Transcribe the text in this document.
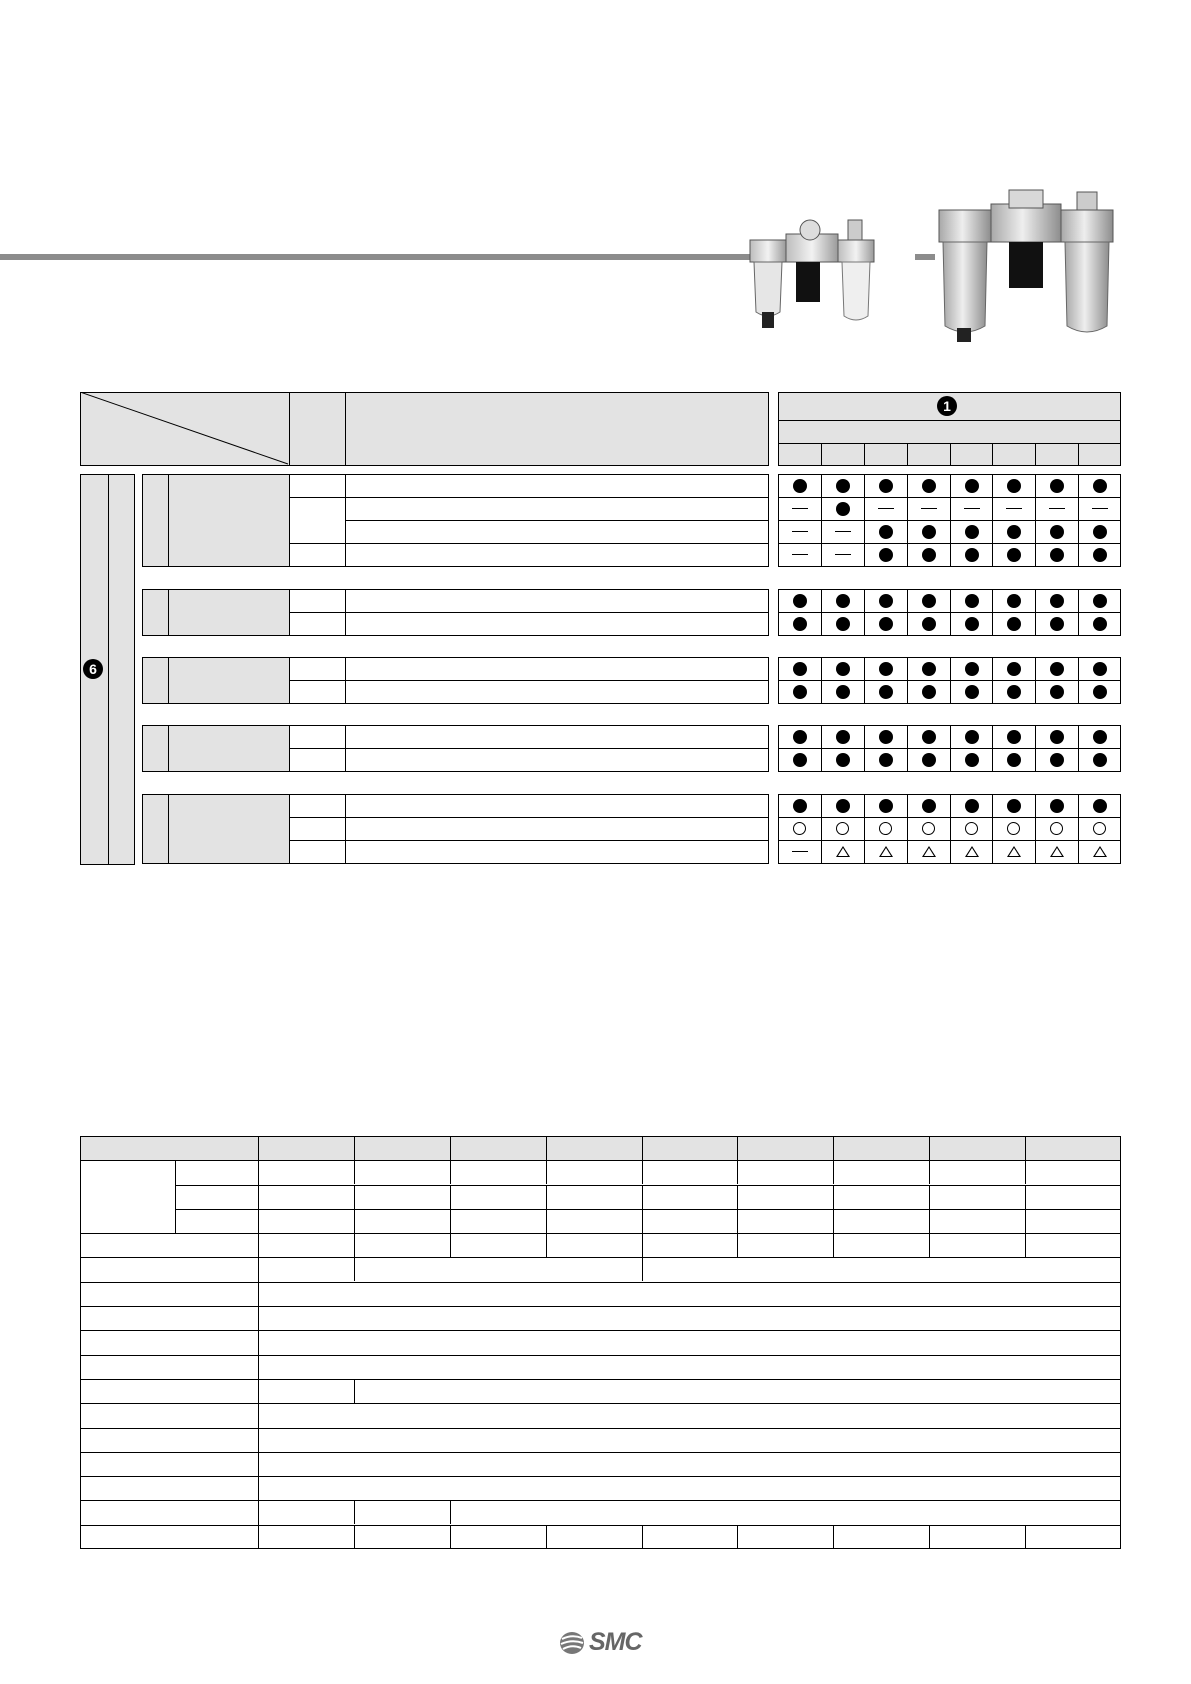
1
6
SMC
